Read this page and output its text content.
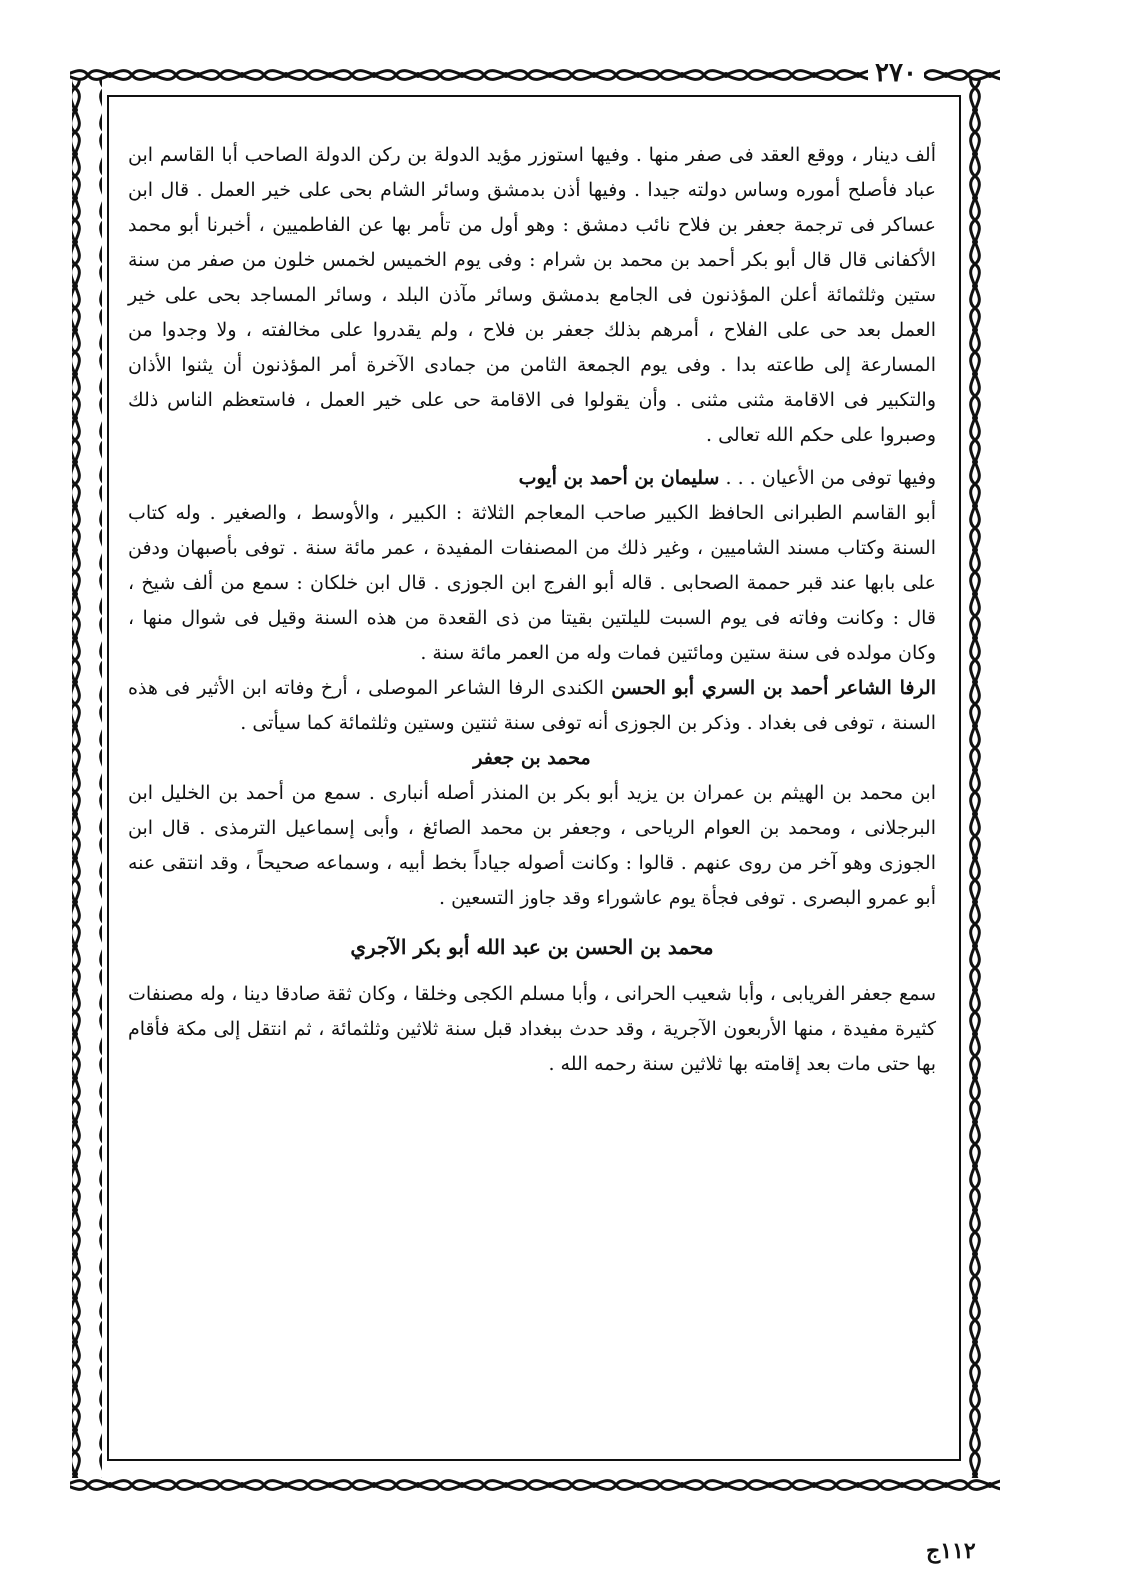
٢٧٠

ألف دينار ، ووقع العقد فى صفر منها . وفيها استوزر مؤيد الدولة بن ركن الدولة الصاحب أبا القاسم ابن عباد فأصلح أموره وساس دولته جيدا . وفيها أذن بدمشق وسائر الشام بحى على خير العمل . قال ابن عساكر فى ترجمة جعفر بن فلاح نائب دمشق : وهو أول من تأمر بها عن الفاطميين ، أخبرنا أبو محمد الأكفانى قال قال أبو بكر أحمد بن محمد بن شرام : وفى يوم الخميس لخمس خلون من صفر من سنة ستين وثلثمائة أعلن المؤذنون فى الجامع بدمشق وسائر مآذن البلد ، وسائر المساجد بحى على خير العمل بعد حى على الفلاح ، أمرهم بذلك جعفر بن فلاح ، ولم يقدروا على مخالفته ، ولا وجدوا من المسارعة إلى طاعته بدا . وفى يوم الجمعة الثامن من جمادى الآخرة أمر المؤذنون أن يثنوا الأذان والتكبير فى الاقامة مثنى مثنى . وأن يقولوا فى الاقامة حى على خير العمل ، فاستعظم الناس ذلك وصبروا على حكم الله تعالى .

وفيها توفى من الأعيان . . . سليمان بن أحمد بن أيوب

أبو القاسم الطبرانى الحافظ الكبير صاحب المعاجم الثلاثة : الكبير ، والأوسط ، والصغير . وله كتاب السنة وكتاب مسند الشاميين ، وغير ذلك من المصنفات المفيدة ، عمر مائة سنة . توفى بأصبهان ودفن على بابها عند قبر حممة الصحابى . قاله أبو الفرج ابن الجوزى . قال ابن خلكان : سمع من ألف شيخ ، قال : وكانت وفاته فى يوم السبت لليلتين بقيتا من ذى القعدة من هذه السنة وقيل فى شوال منها ، وكان مولده فى سنة ستين ومائتين فمات وله من العمر مائة سنة .

الرفا الشاعر أحمد بن السري أبو الحسن الكندى الرفا الشاعر الموصلى ، أرخ وفاته ابن الأثير فى هذه السنة ، توفى فى بغداد . وذكر بن الجوزى أنه توفى سنة ثنتين وستين وثلثمائة كما سيأتى .

محمد بن جعفر

ابن محمد بن الهيثم بن عمران بن يزيد أبو بكر بن المنذر أصله أنبارى . سمع من أحمد بن الخليل ابن البرجلانى ، ومحمد بن العوام الرياحى ، وجعفر بن محمد الصائغ ، وأبى إسماعيل الترمذى . قال ابن الجوزى وهو آخر من روى عنهم . قالوا : وكانت أصوله جياداً بخط أبيه ، وسماعه صحيحاً ، وقد انتقى عنه أبو عمرو البصرى . توفى فجأة يوم عاشوراء وقد جاوز التسعين .

محمد بن الحسن بن عبد الله أبو بكر الآجري

سمع جعفر الفريابى ، وأبا شعيب الحرانى ، وأبا مسلم الكجى وخلقا ، وكان ثقة صادقا دينا ، وله مصنفات كثيرة مفيدة ، منها الأربعون الآجرية ، وقد حدث ببغداد قبل سنة ثلاثين وثلثمائة ، ثم انتقل إلى مكة فأقام بها حتى مات بعد إقامته بها ثلاثين سنة رحمه الله .

١١٢ج
